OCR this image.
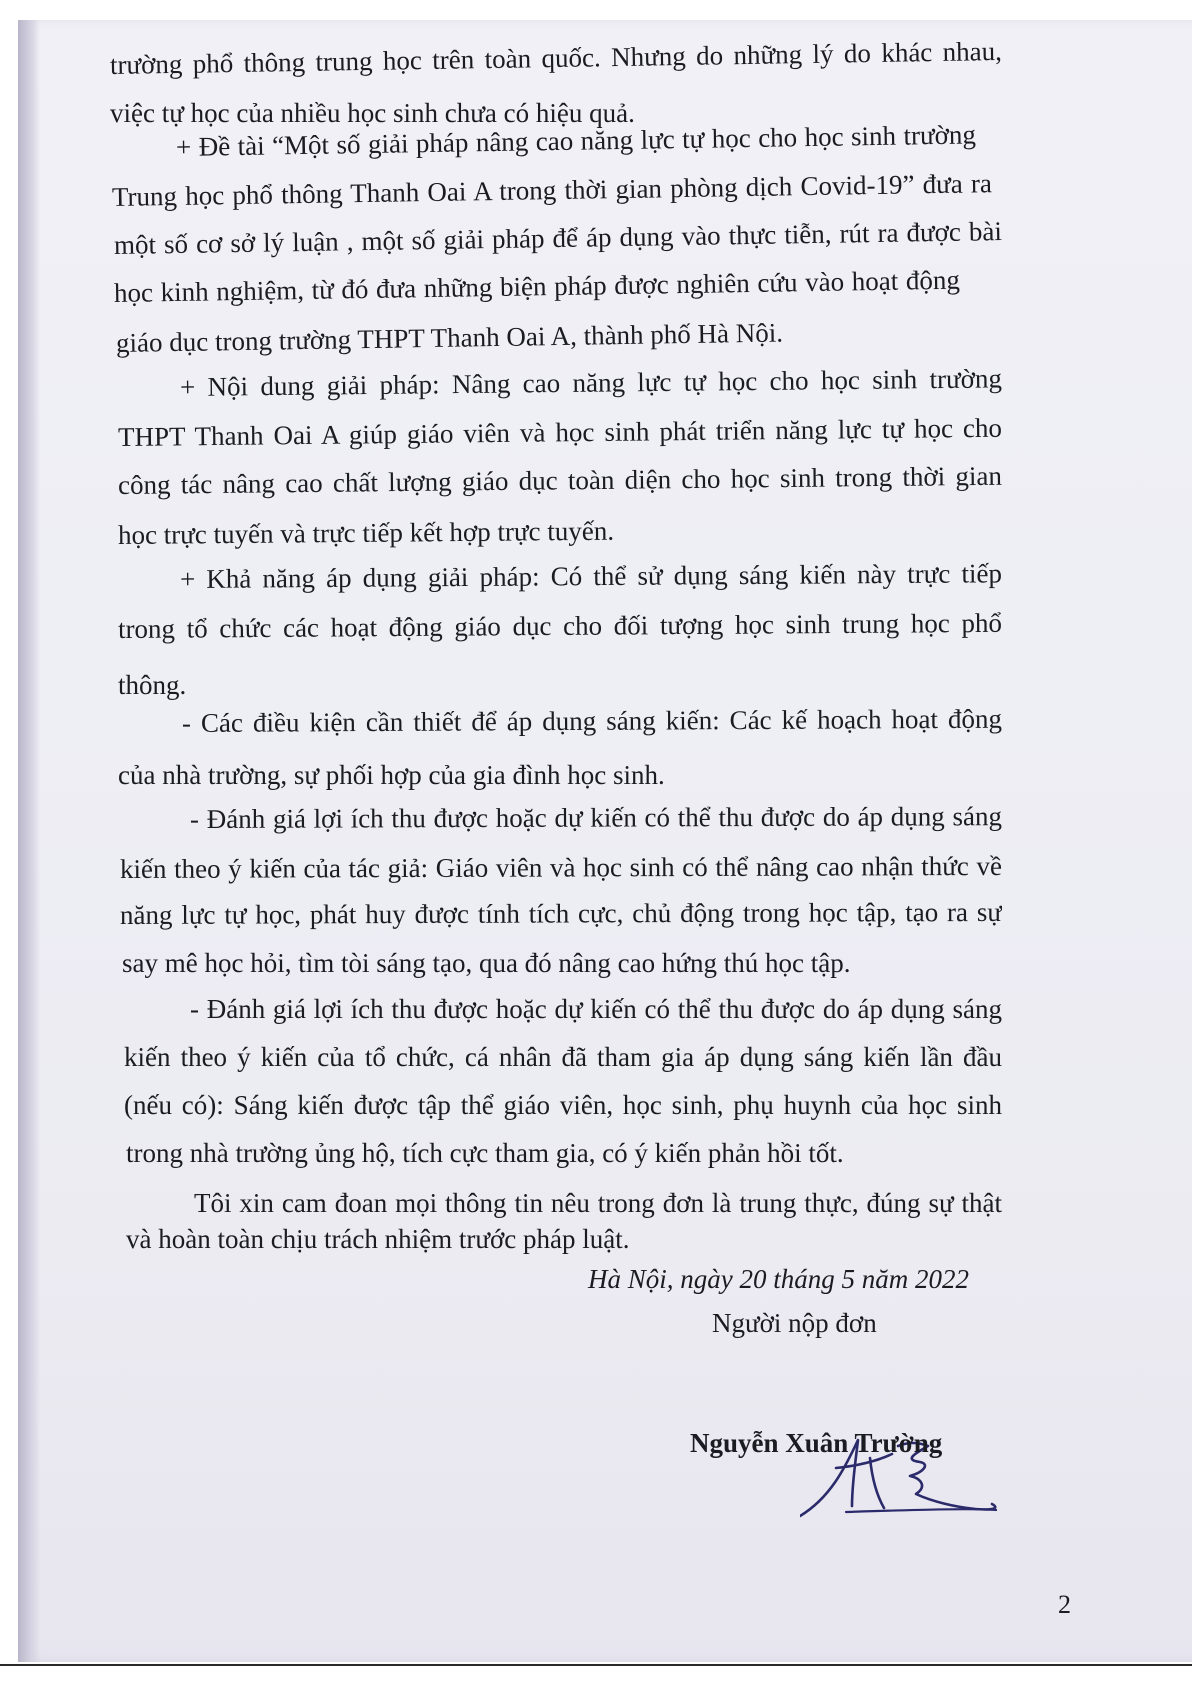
trường phổ thông trung học trên toàn quốc. Nhưng do những lý do khác nhau,
việc tự học của nhiều học sinh chưa có hiệu quả.
+ Đề tài “Một số giải pháp nâng cao năng lực tự học cho học sinh trường
Trung học phổ thông Thanh Oai A trong thời gian phòng dịch Covid-19” đưa ra
một số cơ sở lý luận , một số giải pháp để áp dụng vào thực tiễn, rút ra được bài
học kinh nghiệm, từ đó đưa những biện pháp được nghiên cứu vào hoạt động
giáo dục trong trường THPT Thanh Oai A, thành phố Hà Nội.
+ Nội dung giải pháp: Nâng cao năng lực tự học cho học sinh trường
THPT Thanh Oai A giúp giáo viên và học sinh phát triển năng lực tự học cho
công tác nâng cao chất lượng giáo dục toàn diện cho học sinh trong thời gian
học trực tuyến và trực tiếp kết hợp trực tuyến.
+ Khả năng áp dụng giải pháp: Có thể sử dụng sáng kiến này trực tiếp
trong tổ chức các hoạt động giáo dục cho đối tượng học sinh trung học phổ
thông.
- Các điều kiện cần thiết để áp dụng sáng kiến: Các kế hoạch hoạt động
của nhà trường, sự phối hợp của gia đình học sinh.
- Đánh giá lợi ích thu được hoặc dự kiến có thể thu được do áp dụng sáng
kiến theo ý kiến của tác giả: Giáo viên và học sinh có thể nâng cao nhận thức về
năng lực tự học, phát huy được tính tích cực, chủ động trong học tập, tạo ra sự
say mê học hỏi, tìm tòi sáng tạo, qua đó nâng cao hứng thú học tập.
- Đánh giá lợi ích thu được hoặc dự kiến có thể thu được do áp dụng sáng
kiến theo ý kiến của tổ chức, cá nhân đã tham gia áp dụng sáng kiến lần đầu
(nếu có): Sáng kiến được tập thể giáo viên, học sinh, phụ huynh của học sinh
trong nhà trường ủng hộ, tích cực tham gia, có ý kiến phản hồi tốt.
Tôi xin cam đoan mọi thông tin nêu trong đơn là trung thực, đúng sự thật
và hoàn toàn chịu trách nhiệm trước pháp luật.
Hà Nội, ngày 20 tháng 5 năm 2022
Người nộp đơn
Nguyễn Xuân Trường
2
